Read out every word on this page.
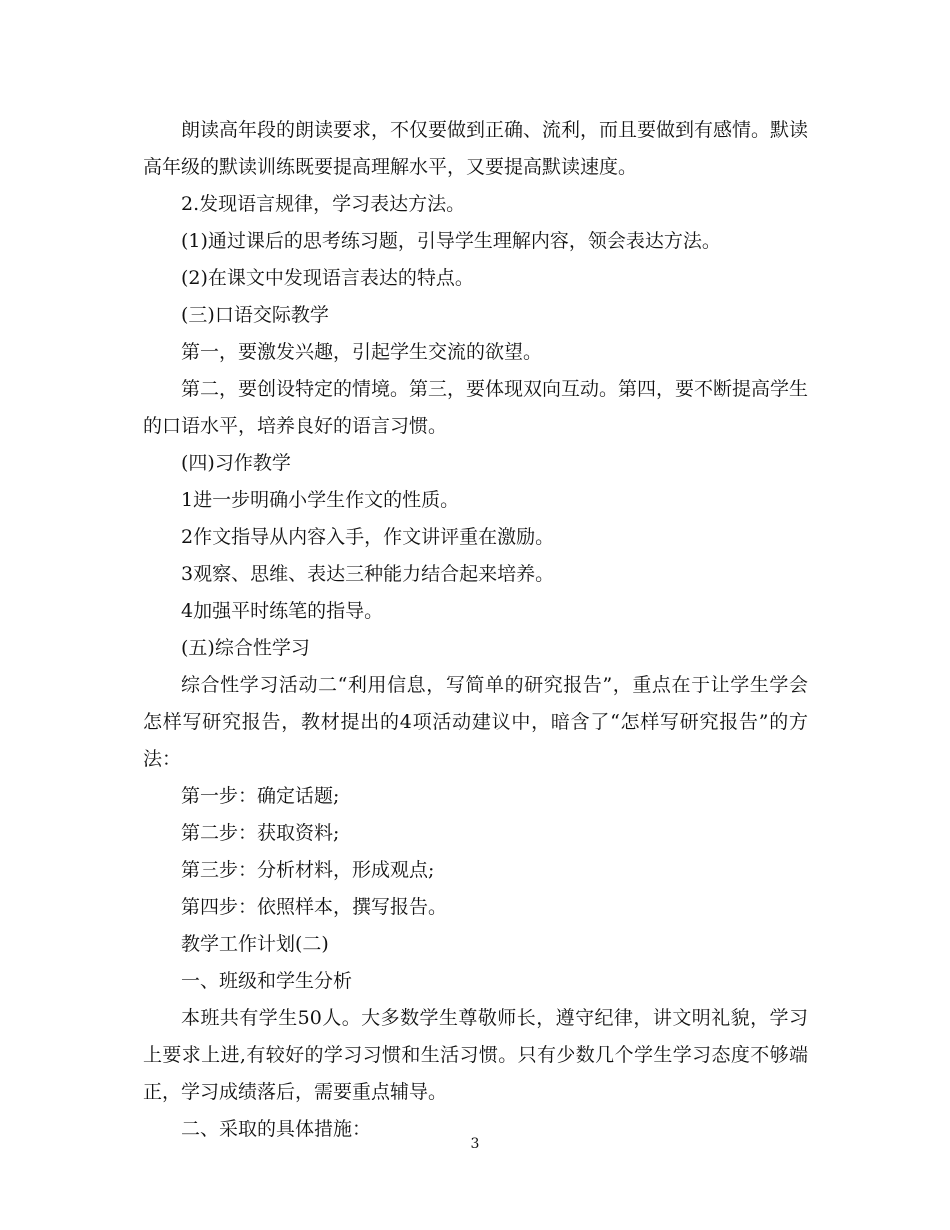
朗读高年段的朗读要求，不仅要做到正确、流利，而且要做到有感情。默读高年级的默读训练既要提高理解水平，又要提高默读速度。

2.发现语言规律，学习表达方法。

(1)通过课后的思考练习题，引导学生理解内容，领会表达方法。

(2)在课文中发现语言表达的特点。

(三)口语交际教学

第一，要激发兴趣，引起学生交流的欲望。

第二，要创设特定的情境。第三，要体现双向互动。第四，要不断提高学生的口语水平，培养良好的语言习惯。

(四)习作教学

1进一步明确小学生作文的性质。

2作文指导从内容入手，作文讲评重在激励。

3观察、思维、表达三种能力结合起来培养。

4加强平时练笔的指导。

(五)综合性学习

综合性学习活动二“利用信息，写简单的研究报告”，重点在于让学生学会怎样写研究报告，教材提出的4项活动建议中，暗含了“怎样写研究报告”的方法：

第一步：确定话题;

第二步：获取资料;

第三步：分析材料，形成观点;

第四步：依照样本，撰写报告。

教学工作计划(二)

一、班级和学生分析

本班共有学生50人。大多数学生尊敬师长，遵守纪律，讲文明礼貌，学习上要求上进,有较好的学习习惯和生活习惯。只有少数几个学生学习态度不够端正，学习成绩落后，需要重点辅导。

二、采取的具体措施：

3
